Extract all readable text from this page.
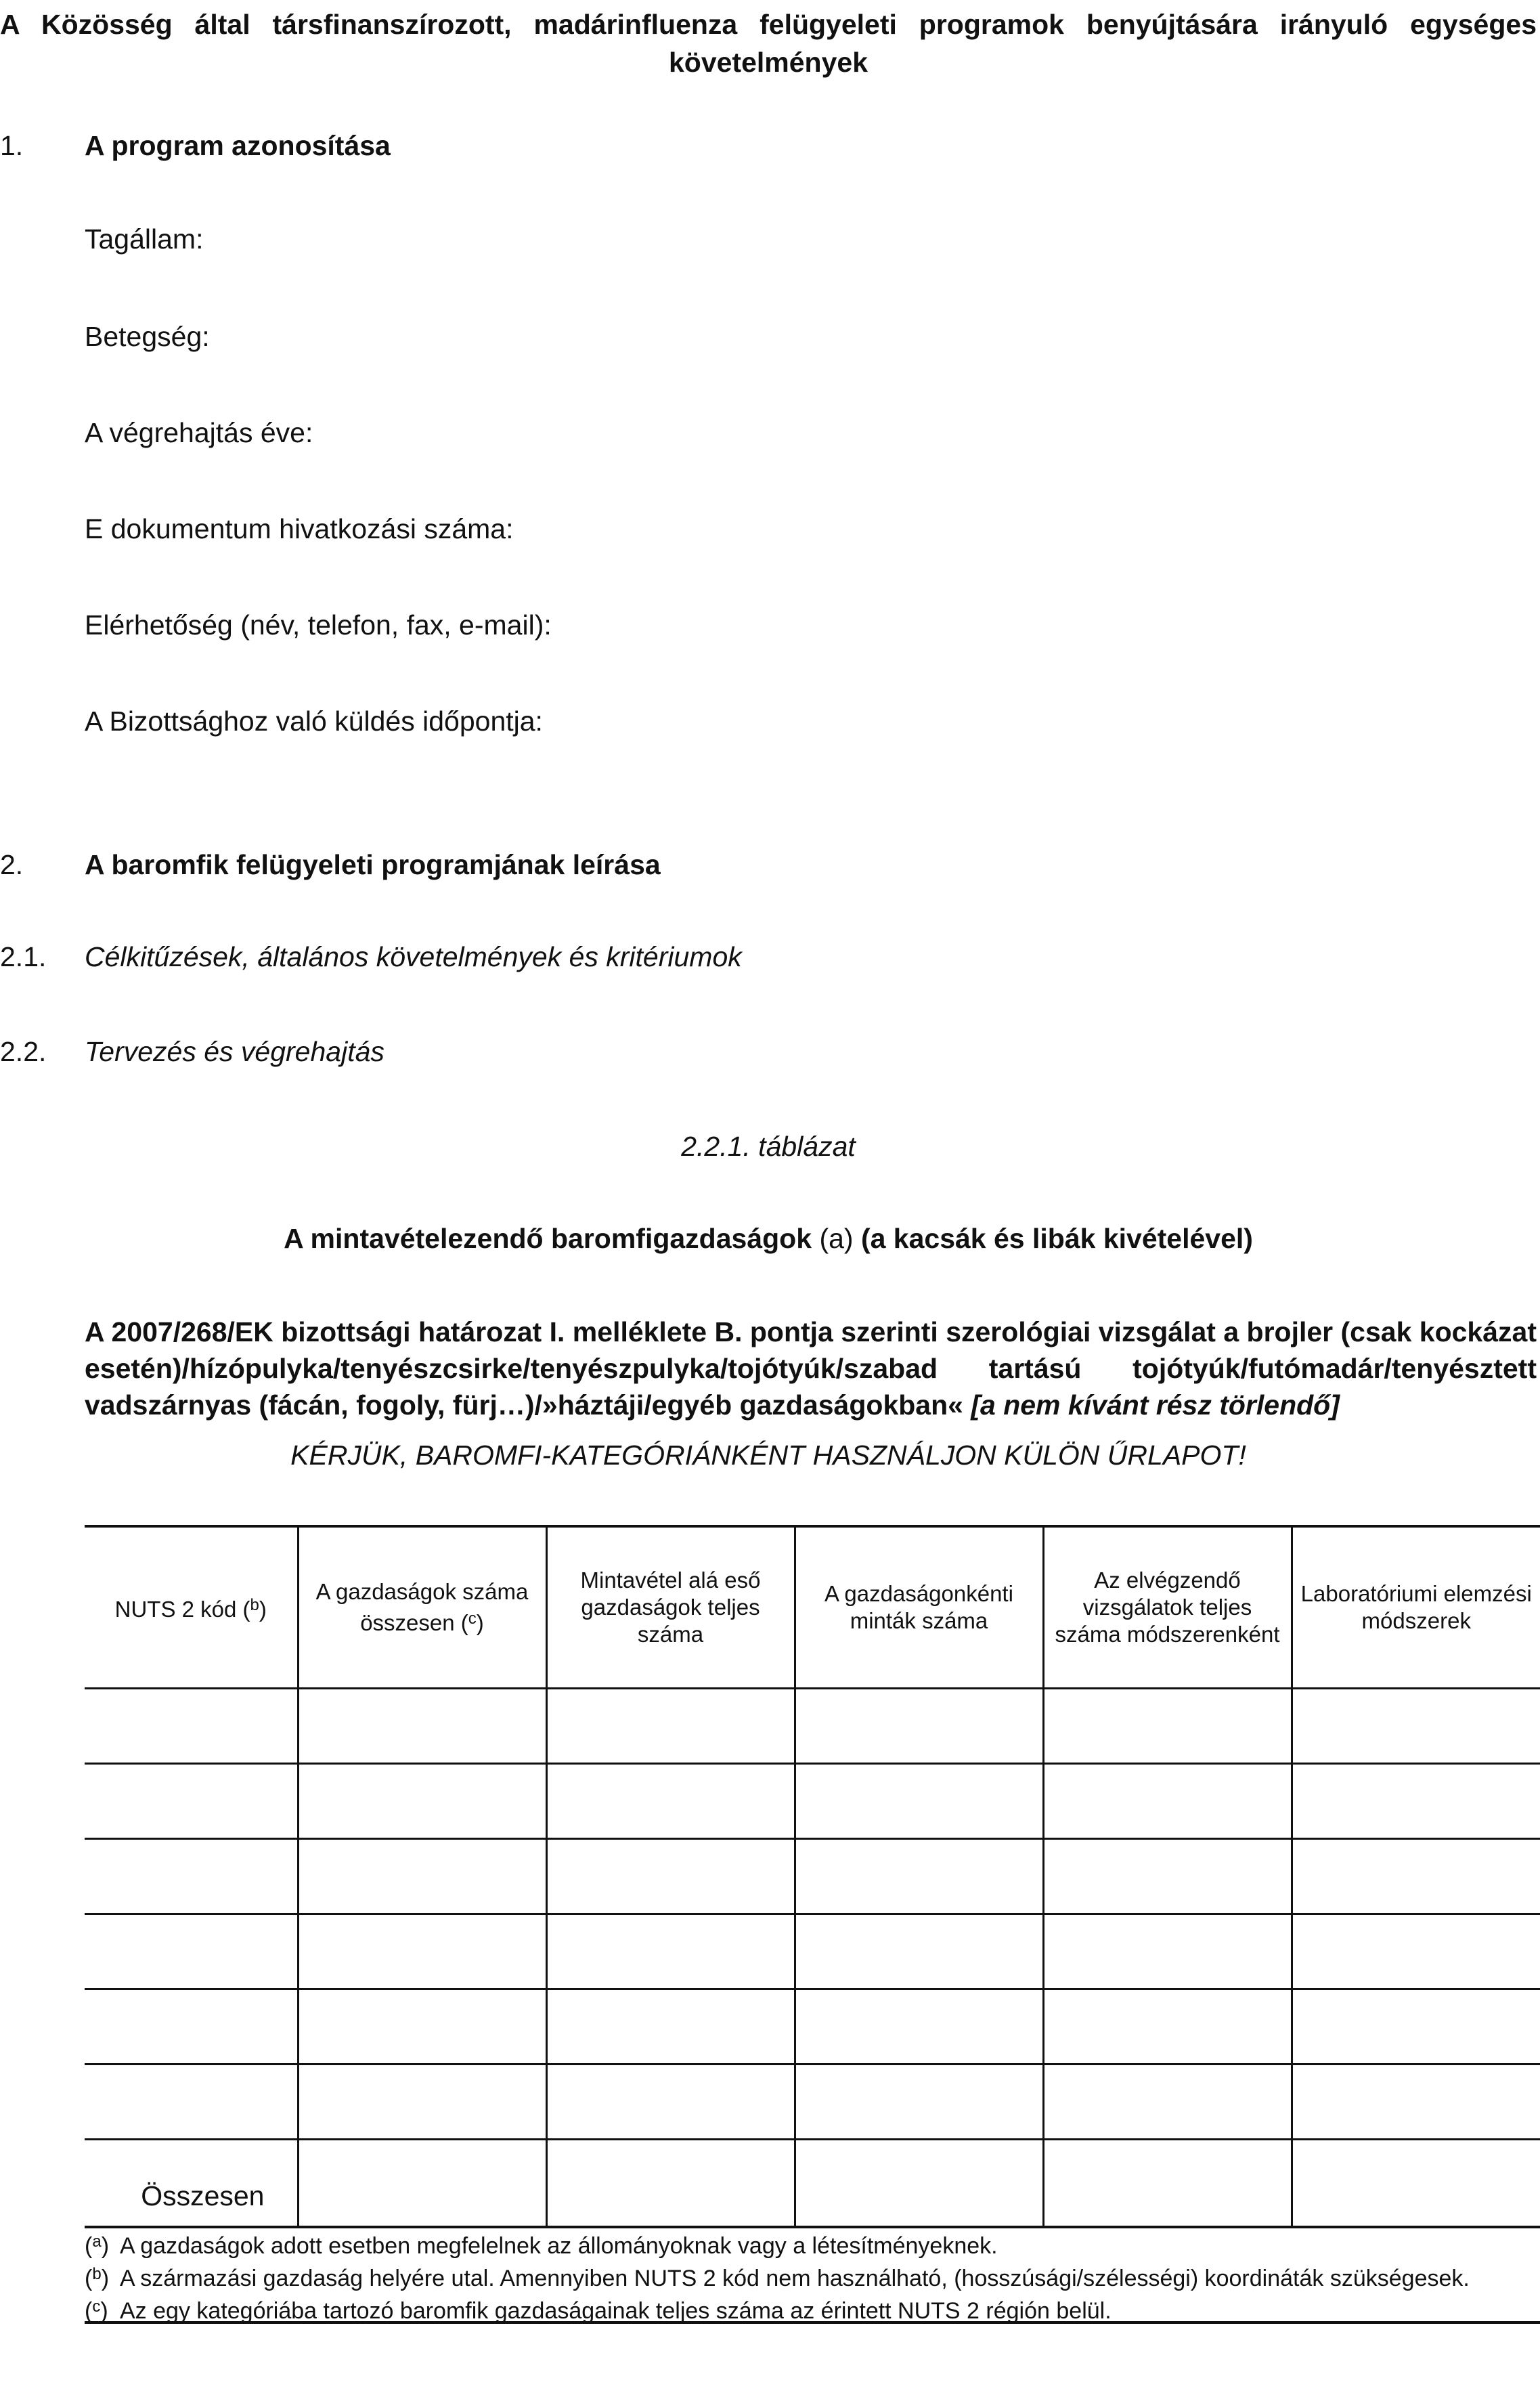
A Közösség által társfinanszírozott, madárinfluenza felügyeleti programok benyújtására irányuló egységes követelmények
1. A program azonosítása
Tagállam:
Betegség:
A végrehajtás éve:
E dokumentum hivatkozási száma:
Elérhetőség (név, telefon, fax, e-mail):
A Bizottsághoz való küldés időpontja:
2. A baromfik felügyeleti programjának leírása
2.1. Célkitűzések, általános követelmények és kritériumok
2.2. Tervezés és végrehajtás
2.2.1. táblázat
A mintavételezendő baromfigazdaságok (a) (a kacsák és libák kivételével)
A 2007/268/EK bizottsági határozat I. melléklete B. pontja szerinti szerológiai vizsgálat a brojler (csak kockázat esetén)/hízópulyka/tenyészcsirke/tenyészpulyka/tojótyúk/szabad tartású tojótyúk/futómadár/tenyésztett vadszárnyas (fácán, fogoly, fürj…)/»háztáji/egyéb gazdaságokban« [a nem kívánt rész törlendő]
KÉRJÜK, BAROMFI-KATEGÓRIÁNKÉNT HASZNÁLJON KÜLÖN ŰRLAPOT!
NUTS 2 kód ($^b$)	A gazdaságok száma összesen ($^c$)	Mintavétel alá eső gazdaságok teljes száma	A gazdaságonkénti minták száma	Az elvégzendő vizsgálatok teljes száma módszerenként	Laboratóriumi elemzési módszerek

Összesen					
($^a$) A gazdaságok adott esetben megfelelnek az állományoknak vagy a létesítményeknek.
($^b$) A származási gazdaság helyére utal. Amennyiben NUTS 2 kód nem használható, (hosszúsági/szélességi) koordináták szükségesek.
($^c$) Az egy kategóriába tartozó baromfik gazdaságainak teljes száma az érintett NUTS 2 régión belül.
